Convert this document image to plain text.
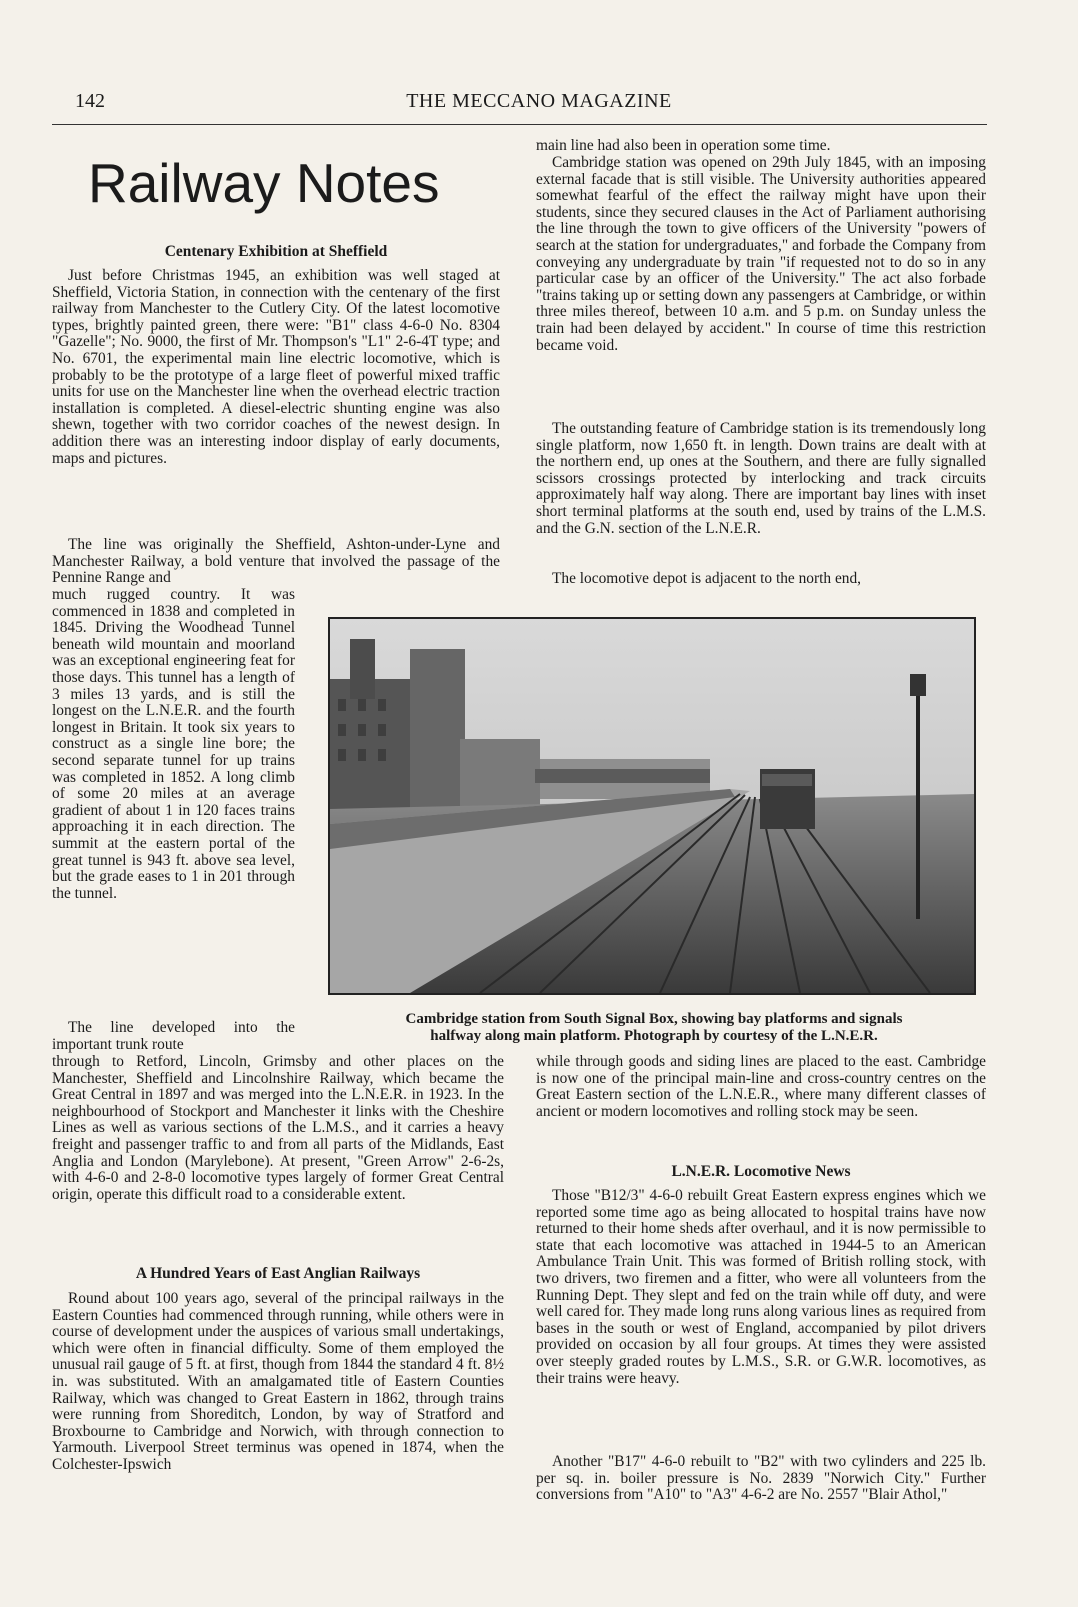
142	THE MECCANO MAGAZINE
Railway Notes
Centenary Exhibition at Sheffield

Just before Christmas 1945, an exhibition was well staged at Sheffield, Victoria Station, in connection with the centenary of the first railway from Manchester to the Cutlery City. Of the latest locomotive types, brightly painted green, there were: "B1" class 4-6-0 No. 8304 "Gazelle"; No. 9000, the first of Mr. Thompson's "L1" 2-6-4T type; and No. 6701, the experimental main line electric locomotive, which is probably to be the prototype of a large fleet of powerful mixed traffic units for use on the Manchester line when the overhead electric traction installation is completed. A diesel-electric shunting engine was also shewn, together with two corridor coaches of the newest design. In addition there was an interesting indoor display of early documents, maps and pictures.

The line was originally the Sheffield, Ashton-under-Lyne and Manchester Railway, a bold venture that involved the passage of the Pennine Range and

much rugged country. It was commenced in 1838 and completed in 1845. Driving the Woodhead Tunnel beneath wild mountain and moorland was an exceptional engineering feat for those days. This tunnel has a length of 3 miles 13 yards, and is still the longest on the L.N.E.R. and the fourth longest in Britain. It took six years to construct as a single line bore; the second separate tunnel for up trains was completed in 1852. A long climb of some 20 miles at an average gradient of about 1 in 120 faces trains approaching it in each direction. The summit at the eastern portal of the great tunnel is 943 ft. above sea level, but the grade eases to 1 in 201 through the tunnel.

The line developed into the important trunk route

through to Retford, Lincoln, Grimsby and other places on the Manchester, Sheffield and Lincolnshire Railway, which became the Great Central in 1897 and was merged into the L.N.E.R. in 1923. In the neighbourhood of Stockport and Manchester it links with the Cheshire Lines as well as various sections of the L.M.S., and it carries a heavy freight and passenger traffic to and from all parts of the Midlands, East Anglia and London (Marylebone). At present, "Green Arrow" 2-6-2s, with 4-6-0 and 2-8-0 locomotive types largely of former Great Central origin, operate this difficult road to a considerable extent.

A Hundred Years of East Anglian Railways

Round about 100 years ago, several of the principal railways in the Eastern Counties had commenced through running, while others were in course of development under the auspices of various small undertakings, which were often in financial difficulty. Some of them employed the unusual rail gauge of 5 ft. at first, though from 1844 the standard 4 ft. 8½ in. was substituted. With an amalgamated title of Eastern Counties Railway, which was changed to Great Eastern in 1862, through trains were running from Shoreditch, London, by way of Stratford and Broxbourne to Cambridge and Norwich, with through connection to Yarmouth. Liverpool Street terminus was opened in 1874, when the Colchester-Ipswich

main line had also been in operation some time.

Cambridge station was opened on 29th July 1845, with an imposing external facade that is still visible. The University authorities appeared somewhat fearful of the effect the railway might have upon their students, since they secured clauses in the Act of Parliament authorising the line through the town to give officers of the University "powers of search at the station for undergraduates," and forbade the Company from conveying any undergraduate by train "if requested not to do so in any particular case by an officer of the University." The act also forbade "trains taking up or setting down any passengers at Cambridge, or within three miles thereof, between 10 a.m. and 5 p.m. on Sunday unless the train had been delayed by accident." In course of time this restriction became void.

The outstanding feature of Cambridge station is its tremendously long single platform, now 1,650 ft. in length. Down trains are dealt with at the northern end, up ones at the Southern, and there are fully signalled scissors crossings protected by interlocking and track circuits approximately half way along. There are important bay lines with inset short terminal platforms at the south end, used by trains of the L.M.S. and the G.N. section of the L.N.E.R.

The locomotive depot is adjacent to the north end,

while through goods and siding lines are placed to the east. Cambridge is now one of the principal main-line and cross-country centres on the Great Eastern section of the L.N.E.R., where many different classes of ancient or modern locomotives and rolling stock may be seen.

L.N.E.R. Locomotive News

Those "B12/3" 4-6-0 rebuilt Great Eastern express engines which we reported some time ago as being allocated to hospital trains have now returned to their home sheds after overhaul, and it is now permissible to state that each locomotive was attached in 1944-5 to an American Ambulance Train Unit. This was formed of British rolling stock, with two drivers, two firemen and a fitter, who were all volunteers from the Running Dept. They slept and fed on the train while off duty, and were well cared for. They made long runs along various lines as required from bases in the south or west of England, accompanied by pilot drivers provided on occasion by all four groups. At times they were assisted over steeply graded routes by L.M.S., S.R. or G.W.R. locomotives, as their trains were heavy.

Another "B17" 4-6-0 rebuilt to "B2" with two cylinders and 225 lb. per sq. in. boiler pressure is No. 2839 "Norwich City." Further conversions from "A10" to "A3" 4-6-2 are No. 2557 "Blair Athol,"

Cambridge station from South Signal Box, showing bay platforms and signals
halfway along main platform. Photograph by courtesy of the L.N.E.R.
